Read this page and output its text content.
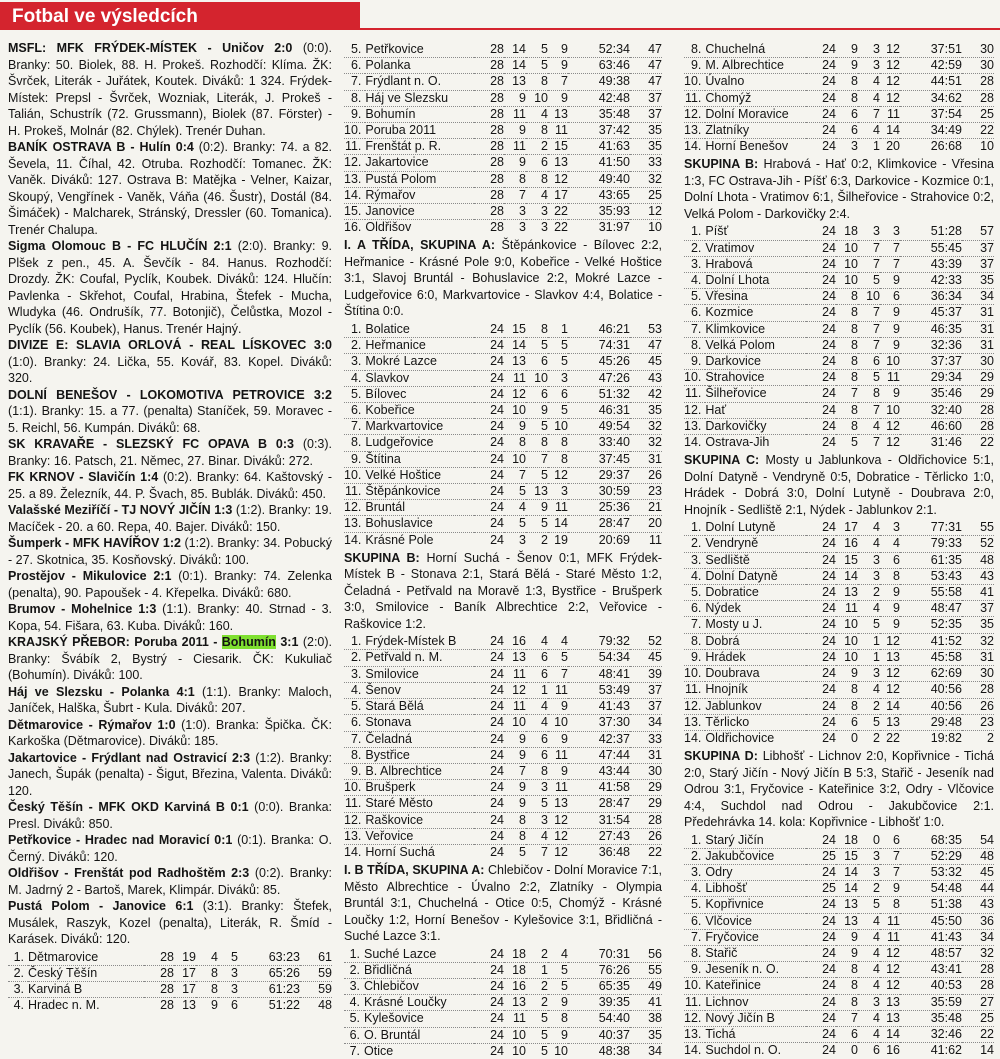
Fotbal ve výsledcích
MSFL: MFK FRÝDEK-MÍSTEK - Uničov 2:0 (0:0). Branky: 50. Biolek, 88. H. Prokeš. Rozhodčí: Klíma. ŽK: Švrček, Literák - Juřátek, Koutek. Diváků: 1 324. Frýdek-Místek: Prepsl - Švrček, Wozniak, Literák, J. Prokeš - Talián, Schustrík (72. Grussmann), Biolek (87. Förster) - H. Prokeš, Molnár (82. Chýlek). Trenér Duhan.
BANÍK OSTRAVA B - Hulín 0:4 (0:2). Branky: 74. a 82. Ševela, 11. Číhal, 42. Otruba. Rozhodčí: Tomanec. ŽK: Vaněk. Diváků: 127. Ostrava B: Matějka - Velner, Kaizar, Skoupý, Vengřínek - Vaněk, Váňa (46. Šustr), Dostál (84. Šimáček) - Malcharek, Stránský, Dressler (60. Tomanica). Trenér Chalupa.
Sigma Olomouc B - FC HLUČÍN 2:1 (2:0). Branky: 9. Plšek z pen., 45. A. Ševčík - 84. Hanus. Rozhodčí: Drozdy. ŽK: Coufal, Pyclík, Koubek. Diváků: 124. Hlučín: Pavlenka - Skřehot, Coufal, Hrabina, Štefek - Mucha, Wludyka (46. Ondrušík, 77. Botonjič), Čelůstka, Mozol - Pyclík (56. Koubek), Hanus. Trenér Hajný.
DIVIZE E: SLAVIA ORLOVÁ - REAL LÍSKOVEC 3:0 (1:0). Branky: 24. Lička, 55. Kovář, 83. Kopel. Diváků: 320.
DOLNÍ BENEŠOV - LOKOMOTIVA PETROVICE 3:2 (1:1). Branky: 15. a 77. (penalta) Staníček, 59. Moravec - 5. Reichl, 56. Kumpán. Diváků: 68.
SK KRAVAŘE - SLEZSKÝ FC OPAVA B 0:3 (0:3). Branky: 16. Patsch, 21. Němec, 27. Binar. Diváků: 272.
FK KRNOV - Slavičín 1:4 (0:2). Branky: 64. Kaštovský - 25. a 89. Železník, 44. P. Švach, 85. Bublák. Diváků: 450.
Valašské Meziříčí - TJ NOVÝ JIČÍN 1:3 (1:2). Branky: 19. Macíček - 20. a 60. Repa, 40. Bajer. Diváků: 150.
Šumperk - MFK HAVÍŘOV 1:2 (1:2). Branky: 34. Pobucký - 27. Skotnica, 35. Kosňovský. Diváků: 100.
Prostějov - Mikulovice 2:1 (0:1). Branky: 74. Zelenka (penalta), 90. Papoušek - 4. Křepelka. Diváků: 680.
Brumov - Mohelnice 1:3 (1:1). Branky: 40. Strnad - 3. Kopa, 54. Fišara, 63. Kuba. Diváků: 160.
KRAJSKÝ PŘEBOR: Poruba 2011 - Bohumín 3:1 (2:0). Branky: Švábík 2, Bystrý - Ciesarik. ČK: Kukuliač (Bohumín). Diváků: 100.
Háj ve Slezsku - Polanka 4:1 (1:1). Branky: Maloch, Janíček, Halška, Šubrt - Kula. Diváků: 207.
Dětmarovice - Rýmařov 1:0 (1:0). Branka: Špička. ČK: Karkoška (Dětmarovice). Diváků: 185.
Jakartovice - Frýdlant nad Ostravicí 2:3 (1:2). Branky: Janech, Šupák (penalta) - Šigut, Březina, Valenta. Diváků: 120.
Český Těšín - MFK OKD Karviná B 0:1 (0:0). Branka: Presl. Diváků: 850.
Petřkovice - Hradec nad Moravicí 0:1 (0:1). Branka: O. Černý. Diváků: 120.
Oldřišov - Frenštát pod Radhoštěm 2:3 (0:2). Branky: M. Jadrný 2 - Bartoš, Marek, Klimpár. Diváků: 85.
Pustá Polom - Janovice 6:1 (3:1). Branky: Štefek, Musálek, Raszyk, Kozel (penalta), Literák, R. Šmíd - Karásek. Diváků: 120.
1.	Dětmarovice	28	19	4	5	63:23	61
2.	Český Těšín	28	17	8	3	65:26	59
3.	Karviná B	28	17	8	3	61:23	59
4.	Hradec n. M.	28	13	9	6	51:22	48
5.	Petřkovice	28	14	5	9	52:34	47
6.	Polanka	28	14	5	9	63:46	47
7.	Frýdlant n. O.	28	13	8	7	49:38	47
8.	Háj ve Slezsku	28	9	10	9	42:48	37
9.	Bohumín	28	11	4	13	35:48	37
10.	Poruba 2011	28	9	8	11	37:42	35
11.	Frenštát p. R.	28	11	2	15	41:63	35
12.	Jakartovice	28	9	6	13	41:50	33
13.	Pustá Polom	28	8	8	12	49:40	32
14.	Rýmařov	28	7	4	17	43:65	25
15.	Janovice	28	3	3	22	35:93	12
16.	Oldřišov	28	3	3	22	31:97	10
I. A TŘÍDA, SKUPINA A: Štěpánkovice - Bílovec 2:2, Heřmanice - Krásné Pole 9:0, Kobeřice - Velké Hoštice 3:1, Slavoj Bruntál - Bohuslavice 2:2, Mokré Lazce - Ludgeřovice 6:0, Markvartovice - Slavkov 4:4, Bolatice - Štítina 0:0.
1.	Bolatice	24	15	8	1	46:21	53
2.	Heřmanice	24	14	5	5	74:31	47
3.	Mokré Lazce	24	13	6	5	45:26	45
4.	Slavkov	24	11	10	3	47:26	43
5.	Bílovec	24	12	6	6	51:32	42
6.	Kobeřice	24	10	9	5	46:31	35
7.	Markvartovice	24	9	5	10	49:54	32
8.	Ludgeřovice	24	8	8	8	33:40	32
9.	Štítina	24	10	7	8	37:45	31
10.	Velké Hoštice	24	7	5	12	29:37	26
11.	Štěpánkovice	24	5	13	3	30:59	23
12.	Bruntál	24	4	9	11	25:36	21
13.	Bohuslavice	24	5	5	14	28:47	20
14.	Krásné Pole	24	3	2	19	20:69	11
SKUPINA B: Horní Suchá - Šenov 0:1, MFK Frýdek-Místek B - Stonava 2:1, Stará Bělá - Staré Město 1:2, Čeladná - Petřvald na Moravě 1:3, Bystřice - Brušperk 3:0, Smilovice - Baník Albrechtice 2:2, Veřovice - Raškovice 1:2.
1.	Frýdek-Místek B	24	16	4	4	79:32	52
2.	Petřvald n. M.	24	13	6	5	54:34	45
3.	Smilovice	24	11	6	7	48:41	39
4.	Šenov	24	12	1	11	53:49	37
5.	Stará Bělá	24	11	4	9	41:43	37
6.	Stonava	24	10	4	10	37:30	34
7.	Čeladná	24	9	6	9	42:37	33
8.	Bystřice	24	9	6	11	47:44	31
9.	B. Albrechtice	24	7	8	9	43:44	30
10.	Brušperk	24	9	3	11	41:58	29
11.	Staré Město	24	9	5	13	28:47	29
12.	Raškovice	24	8	3	12	31:54	28
13.	Veřovice	24	8	4	12	27:43	26
14.	Horní Suchá	24	5	7	12	36:48	22
I. B TŘÍDA, SKUPINA A: Chlebičov - Dolní Moravice 7:1, Město Albrechtice - Úvalno 2:2, Zlatníky - Olympia Bruntál 3:1, Chuchelná - Otice 0:5, Chomýž - Krásné Loučky 1:2, Horní Benešov - Kylešovice 3:1, Břidličná - Suché Lazce 3:1.
1.	Suché Lazce	24	18	2	4	70:31	56
2.	Břidličná	24	18	1	5	76:26	55
3.	Chlebičov	24	16	2	5	65:35	49
4.	Krásné Loučky	24	13	2	9	39:35	41
5.	Kylešovice	24	11	5	8	54:40	38
6.	O. Bruntál	24	10	5	9	40:37	35
7.	Otice	24	10	5	10	48:38	34
8.	Chuchelná	24	9	3	12	37:51	30
9.	M. Albrechtice	24	9	3	12	42:59	30
10.	Úvalno	24	8	4	12	44:51	28
11.	Chomýž	24	8	4	12	34:62	28
12.	Dolní Moravice	24	6	7	11	37:54	25
13.	Zlatníky	24	6	4	14	34:49	22
14.	Horní Benešov	24	3	1	20	26:68	10
SKUPINA B: Hrabová - Hať 0:2, Klimkovice - Vřesina 1:3, FC Ostrava-Jih - Píšť 6:3, Darkovice - Kozmice 0:1, Dolní Lhota - Vratimov 6:1, Šilheřovice - Strahovice 0:2, Velká Polom - Darkovičky 2:4.
1.	Píšť	24	18	3	3	51:28	57
2.	Vratimov	24	10	7	7	55:45	37
3.	Hrabová	24	10	7	7	43:39	37
4.	Dolní Lhota	24	10	5	9	42:33	35
5.	Vřesina	24	8	10	6	36:34	34
6.	Kozmice	24	8	7	9	45:37	31
7.	Klimkovice	24	8	7	9	46:35	31
8.	Velká Polom	24	8	7	9	32:36	31
9.	Darkovice	24	8	6	10	37:37	30
10.	Strahovice	24	8	5	11	29:34	29
11.	Šilheřovice	24	7	8	9	35:46	29
12.	Hať	24	8	7	10	32:40	28
13.	Darkovičky	24	8	4	12	46:60	28
14.	Ostrava-Jih	24	5	7	12	31:46	22
SKUPINA C: Mosty u Jablunkova - Oldřichovice 5:1, Dolní Datyně - Vendryně 0:5, Dobratice - Těrlicko 1:0, Hrádek - Dobrá 3:0, Dolní Lutyně - Doubrava 2:0, Hnojník - Sedliště 2:1, Nýdek - Jablunkov 2:1.
1.	Dolní Lutyně	24	17	4	3	77:31	55
2.	Vendryně	24	16	4	4	79:33	52
3.	Sedliště	24	15	3	6	61:35	48
4.	Dolní Datyně	24	14	3	8	53:43	43
5.	Dobratice	24	13	2	9	55:58	41
6.	Nýdek	24	11	4	9	48:47	37
7.	Mosty u J.	24	10	5	9	52:35	35
8.	Dobrá	24	10	1	12	41:52	32
9.	Hrádek	24	10	1	13	45:58	31
10.	Doubrava	24	9	3	12	62:69	30
11.	Hnojník	24	8	4	12	40:56	28
12.	Jablunkov	24	8	2	14	40:56	26
13.	Těrlicko	24	6	5	13	29:48	23
14.	Oldřichovice	24	0	2	22	19:82	2
SKUPINA D: Libhošť - Lichnov 2:0, Kopřivnice - Tichá 2:0, Starý Jičín - Nový Jičín B 5:3, Stařič - Jeseník nad Odrou 3:1, Fryčovice - Kateřinice 3:2, Odry - Vlčovice 4:4, Suchdol nad Odrou - Jakubčovice 2:1. Předehrávka 14. kola: Kopřivnice - Libhošť 1:0.
1.	Starý Jičín	24	18	0	6	68:35	54
2.	Jakubčovice	25	15	3	7	52:29	48
3.	Odry	24	14	3	7	53:32	45
4.	Libhošť	25	14	2	9	54:48	44
5.	Kopřivnice	24	13	5	8	51:38	43
6.	Vlčovice	24	13	4	11	45:50	36
7.	Fryčovice	24	9	4	11	41:43	34
8.	Stařič	24	9	4	12	48:57	32
9.	Jeseník n. O.	24	8	4	12	43:41	28
10.	Kateřinice	24	8	4	12	40:53	28
11.	Lichnov	24	8	3	13	35:59	27
12.	Nový Jičín B	24	7	4	13	35:48	25
13.	Tichá	24	6	4	14	32:46	22
14.	Suchdol n. O.	24	0	6	16	41:62	14
